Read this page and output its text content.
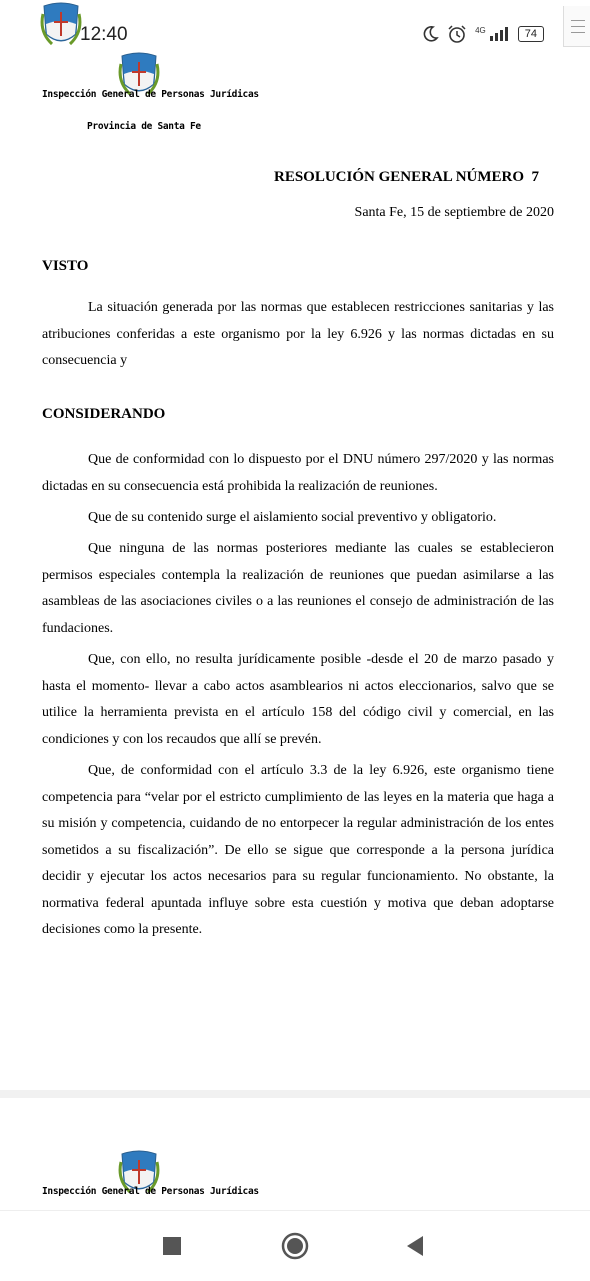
12:40	4G	74
Inspección General de Personas Jurídicas
Provincia de Santa Fe
RESOLUCIÓN GENERAL NÚMERO  7
Santa Fe, 15 de septiembre de 2020
VISTO

La situación generada por las normas que establecen restricciones sanitarias y las atribuciones conferidas a este organismo por la ley 6.926 y las normas dictadas en su consecuencia y

CONSIDERANDO

Que de conformidad con lo dispuesto por el DNU número 297/2020 y las normas dictadas en su consecuencia está prohibida la realización de reuniones.

Que de su contenido surge el aislamiento social preventivo y obligatorio.

Que ninguna de las normas posteriores mediante las cuales se establecieron permisos especiales contempla la realización de reuniones que puedan asimilarse a las asambleas de las asociaciones civiles o a las reuniones el consejo de administración de las fundaciones.

Que, con ello, no resulta jurídicamente posible -desde el 20 de marzo pasado y hasta el momento- llevar a cabo actos asamblearios ni actos eleccionarios, salvo que se utilice la herramienta prevista en el artículo 158 del código civil y comercial, en las condiciones y con los recaudos que allí se prevén.

Que, de conformidad con el artículo 3.3 de la ley 6.926, este organismo tiene competencia para “velar por el estricto cumplimiento de las leyes en la materia que haga a su misión y competencia, cuidando de no entorpecer la regular administración de los entes sometidos a su fiscalización”. De ello se sigue que corresponde a la persona jurídica decidir y ejecutar los actos necesarios para su regular funcionamiento. No obstante, la normativa federal apuntada influye sobre esta cuestión y motiva que deban adoptarse decisiones como la presente.

Inspección General de Personas Jurídicas
